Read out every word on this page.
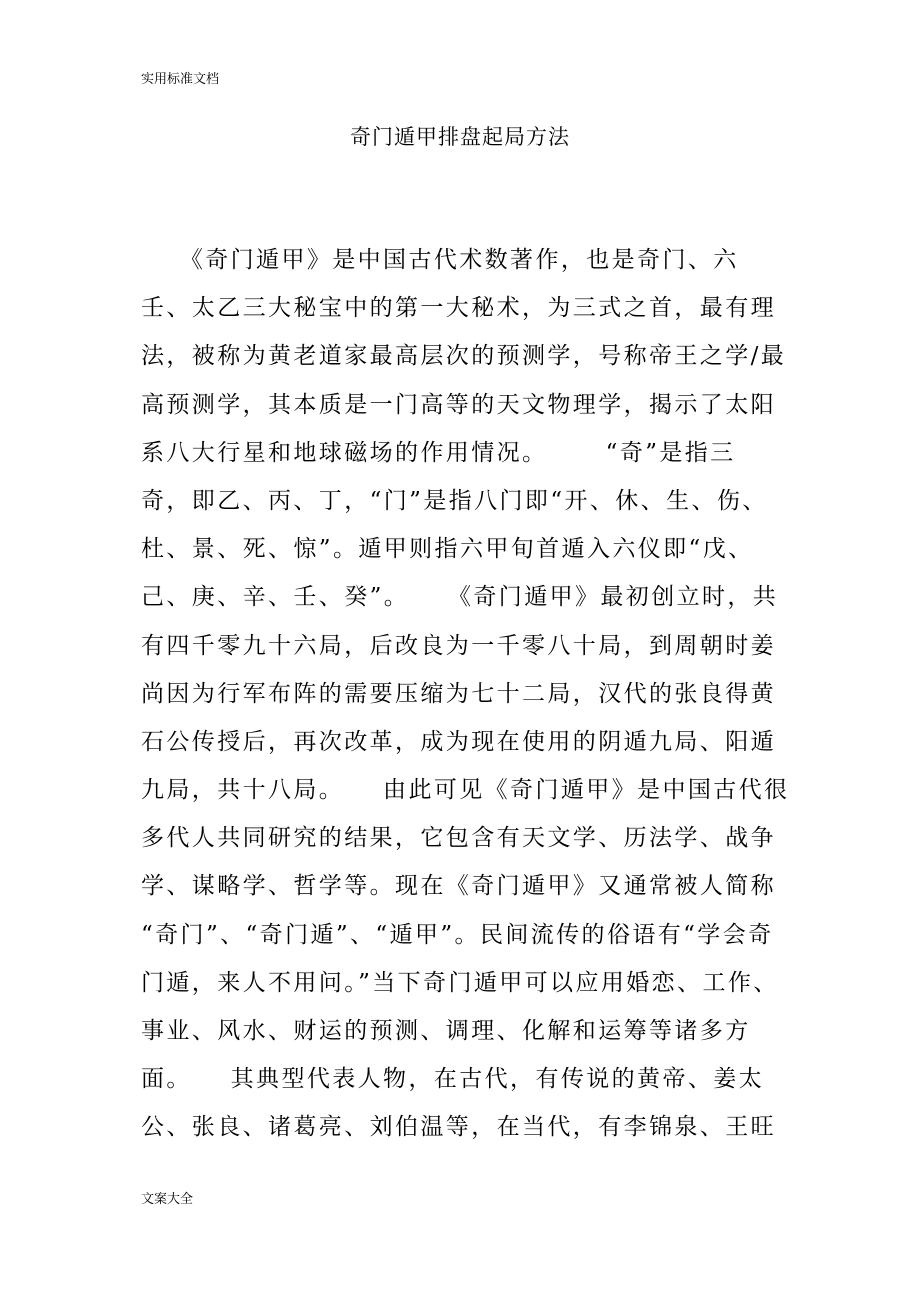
实用标准文档
奇门遁甲排盘起局方法
《奇门遁甲》是中国古代术数著作，也是奇门、六
壬、太乙三大秘宝中的第一大秘术，为三式之首，最有理
法，被称为黄老道家最高层次的预测学，号称帝王之学/最
高预测学，其本质是一门高等的天文物理学，揭示了太阳
系八大行星和地球磁场的作用情况。      “奇”是指三
奇，即乙、丙、丁，“门”是指八门即“开、休、生、伤、
杜、景、死、惊”。遁甲则指六甲旬首遁入六仪即“戊、
己、庚、辛、壬、癸”。    《奇门遁甲》最初创立时，共
有四千零九十六局，后改良为一千零八十局，到周朝时姜
尚因为行军布阵的需要压缩为七十二局，汉代的张良得黄
石公传授后，再次改革，成为现在使用的阴遁九局、阳遁
九局，共十八局。    由此可见《奇门遁甲》是中国古代很
多代人共同研究的结果，它包含有天文学、历法学、战争
学、谋略学、哲学等。现在《奇门遁甲》又通常被人简称
“奇门”、“奇门遁”、“遁甲”。民间流传的俗语有“学会奇
门遁，来人不用问。”当下奇门遁甲可以应用婚恋、工作、
事业、风水、财运的预测、调理、化解和运筹等诸多方
面。    其典型代表人物，在古代，有传说的黄帝、姜太
公、张良、诸葛亮、刘伯温等，在当代，有李锦泉、王旺
文案大全
